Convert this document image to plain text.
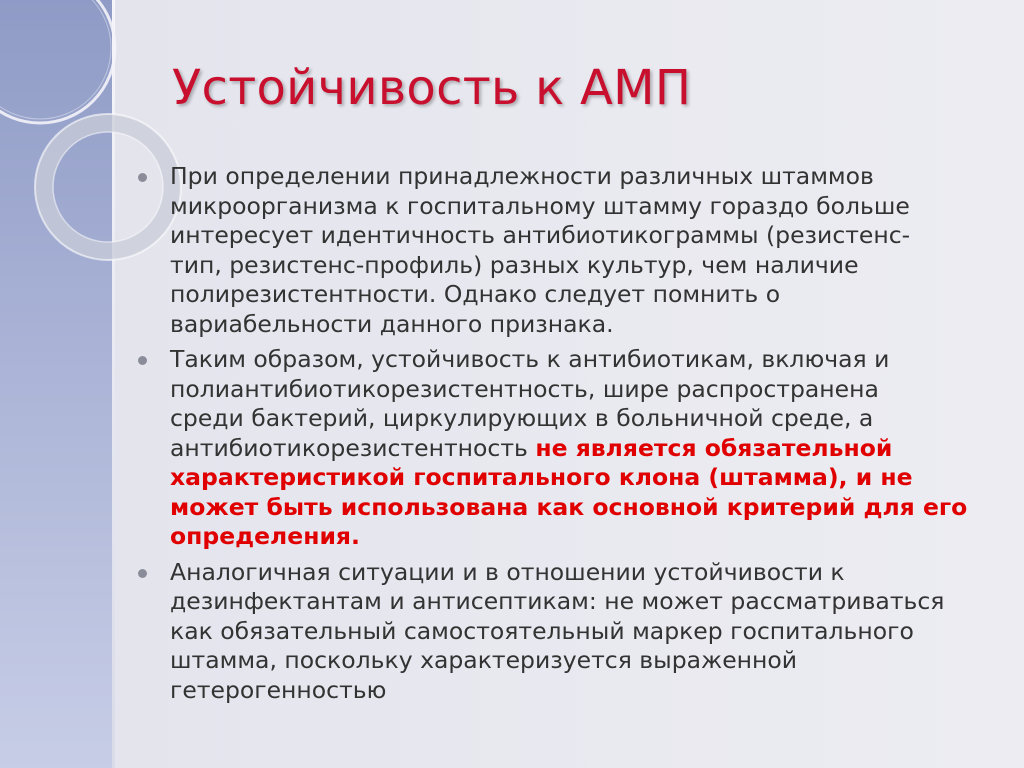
Устойчивость к АМП
При определении принадлежности различных штаммов
микроорганизма к госпитальному штамму гораздо больше
интересует идентичность антибиотикограммы (резистенс-
тип, резистенс-профиль) разных культур, чем наличие
полирезистентности. Однако следует помнить о
вариабельности данного признака.
Таким образом, устойчивость к антибиотикам, включая и
полиантибиотикорезистентность, шире распространена
среди бактерий, циркулирующих в больничной среде, а
антибиотикорезистентность не является обязательной
характеристикой госпитального клона (штамма), и не
может быть использована как основной критерий для его
определения.
Аналогичная ситуации и в отношении устойчивости к
дезинфектантам и антисептикам: не может рассматриваться
как обязательный самостоятельный маркер госпитального
штамма, поскольку характеризуется выраженной
гетерогенностью
